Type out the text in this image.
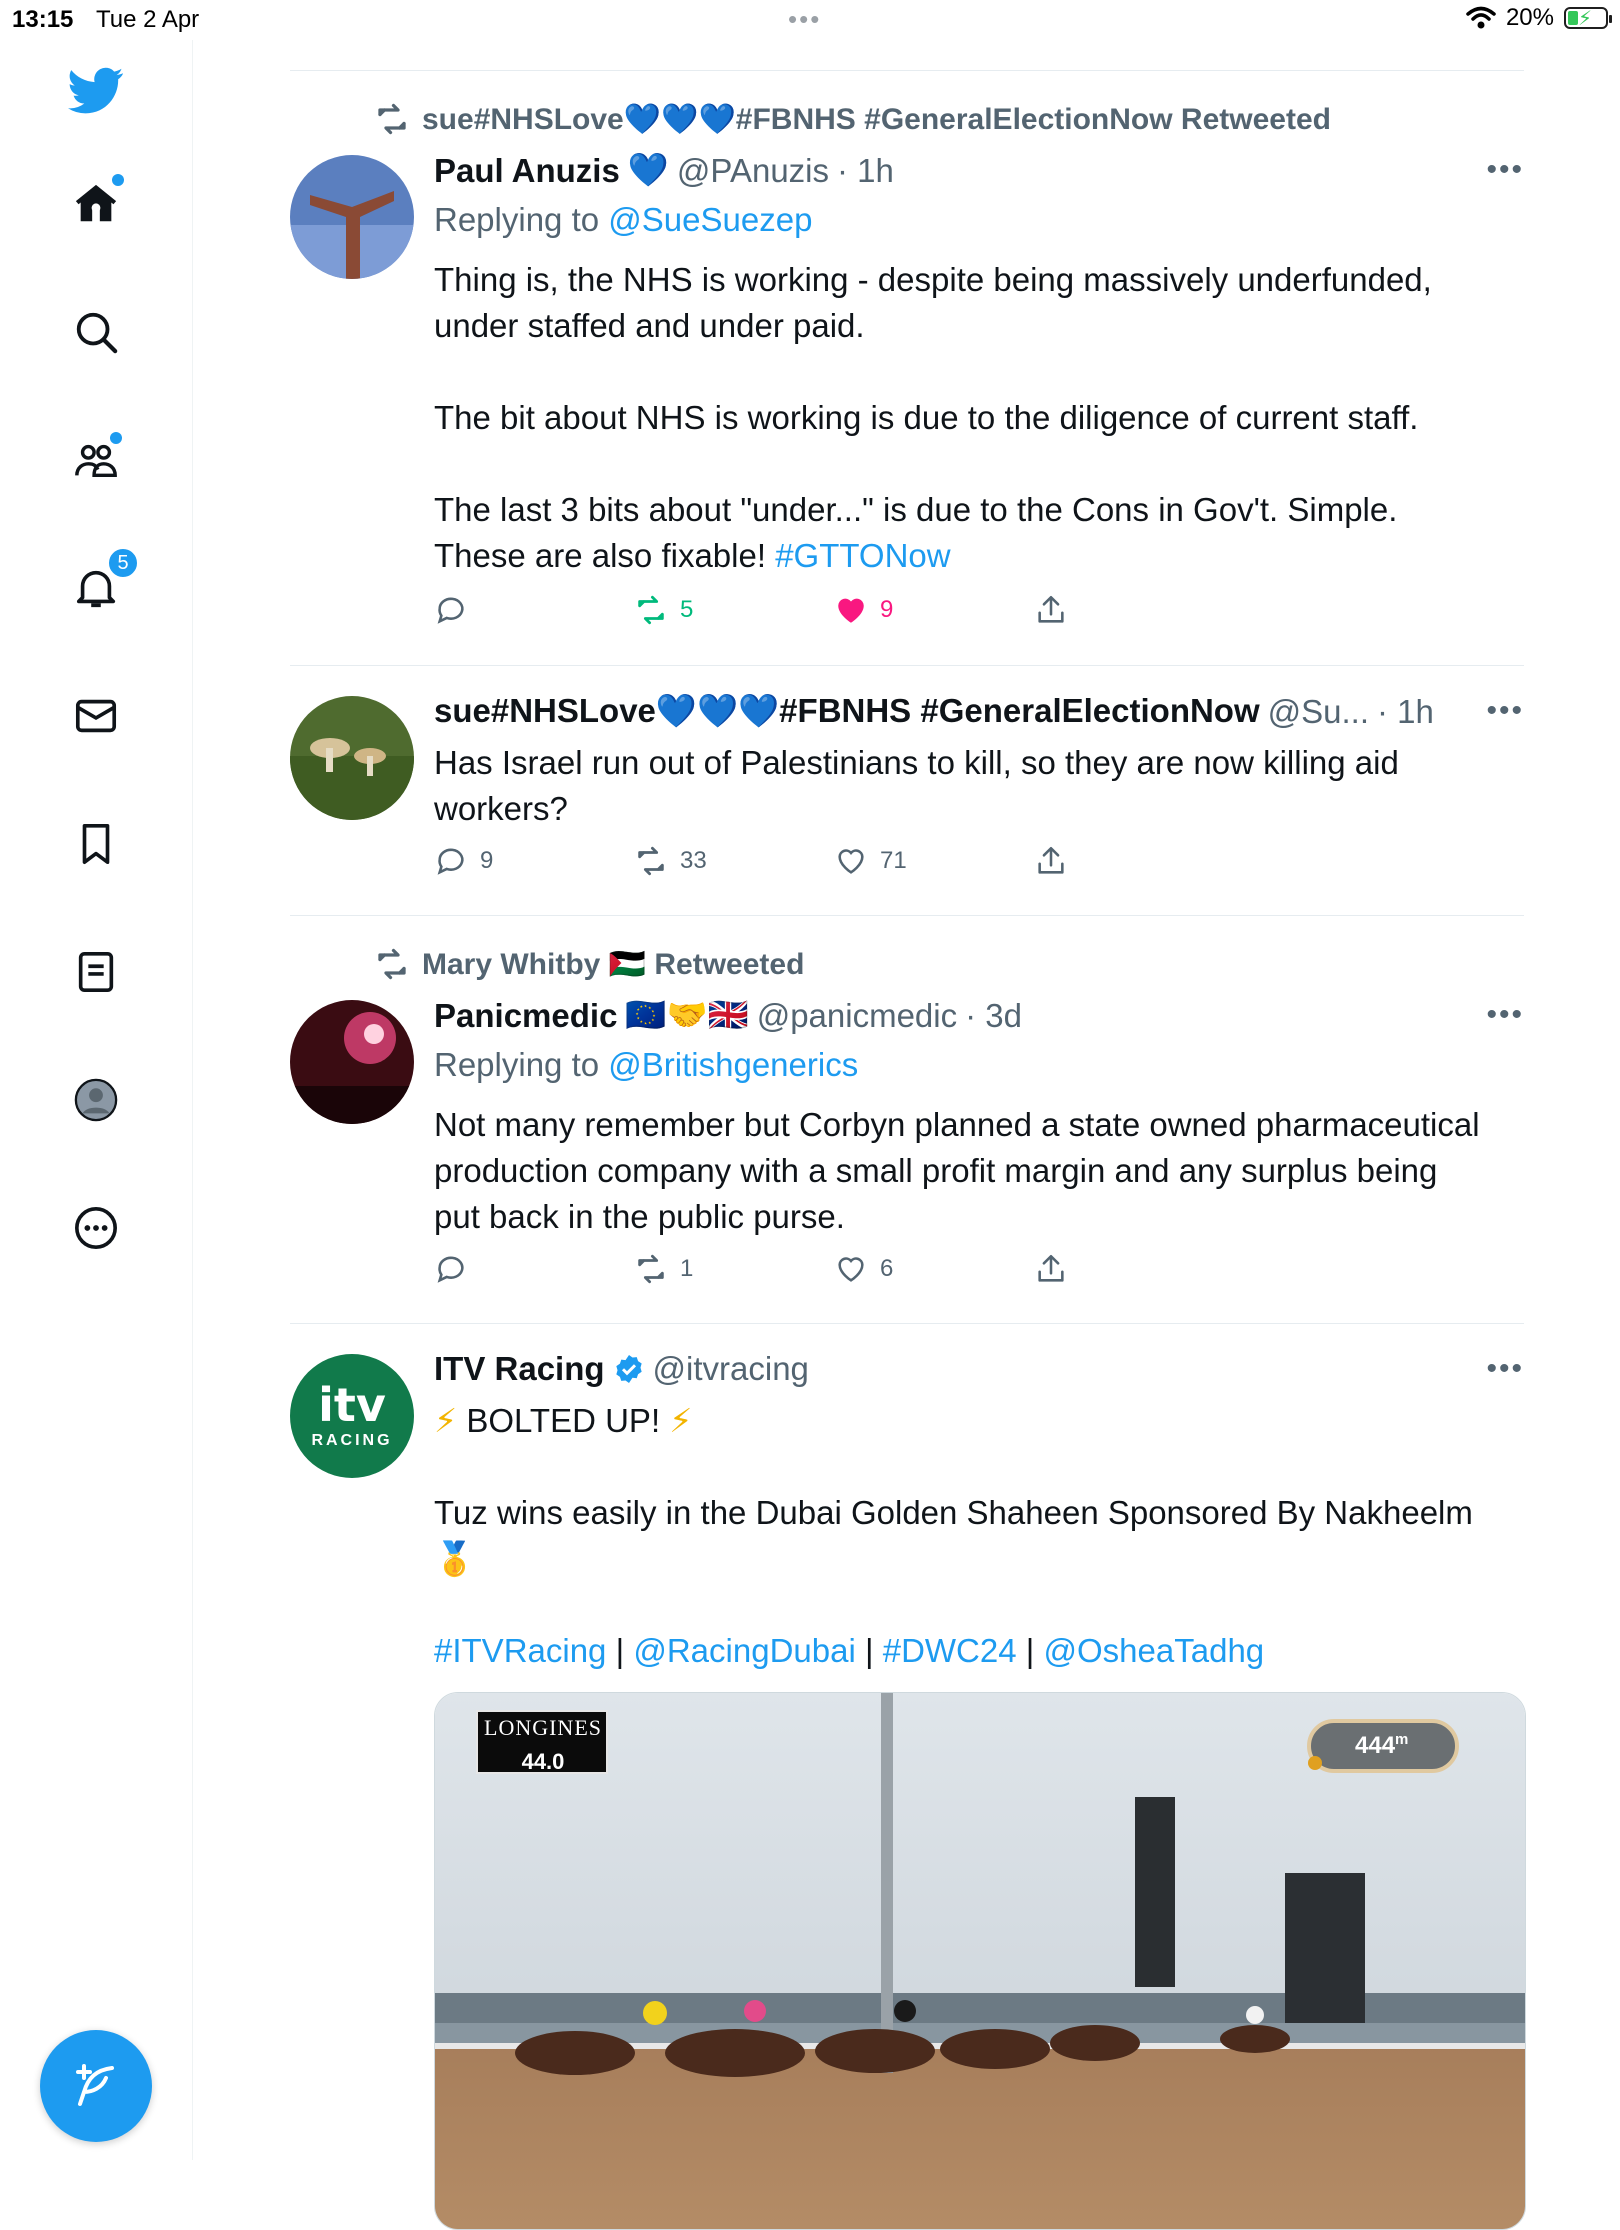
13:15 Tue 2 Apr	•••	20% ⚡
5
sue#NHSLove💙💙💙#FBNHS #GeneralElectionNow Retweeted
Paul Anuzis 💙 @PAnuzis · 1h	•••
Replying to @SueSuezep

Thing is, the NHS is working - despite being massively underfunded,

under staffed and under paid.

The bit about NHS is working is due to the diligence of current staff.

The last 3 bits about "under..." is due to the Cons in Gov't. Simple.

These are also fixable! #GTTONow

5	9
sue#NHSLove💙💙💙#FBNHS #GeneralElectionNow @Su... · 1h •••

Has Israel run out of Palestinians to kill, so they are now killing aid

workers?

9	33	71
Mary Whitby 🇵🇸 Retweeted
Panicmedic 🇪🇺🤝🇬🇧 @panicmedic · 3d	•••
Replying to @Britishgenerics

Not many remember but Corbyn planned a state owned pharmaceutical

production company with a small profit margin and any surplus being

put back in the public purse.

1	6
itv
RACING
ITV Racing @itvracing	•••

⚡ BOLTED UP! ⚡

Tuz wins easily in the Dubai Golden Shaheen Sponsored By Nakheelm

🥇

#ITVRacing | @RacingDubai | #DWC24 | @OsheaTadhg

LONGINES
44.0
444$^m$
